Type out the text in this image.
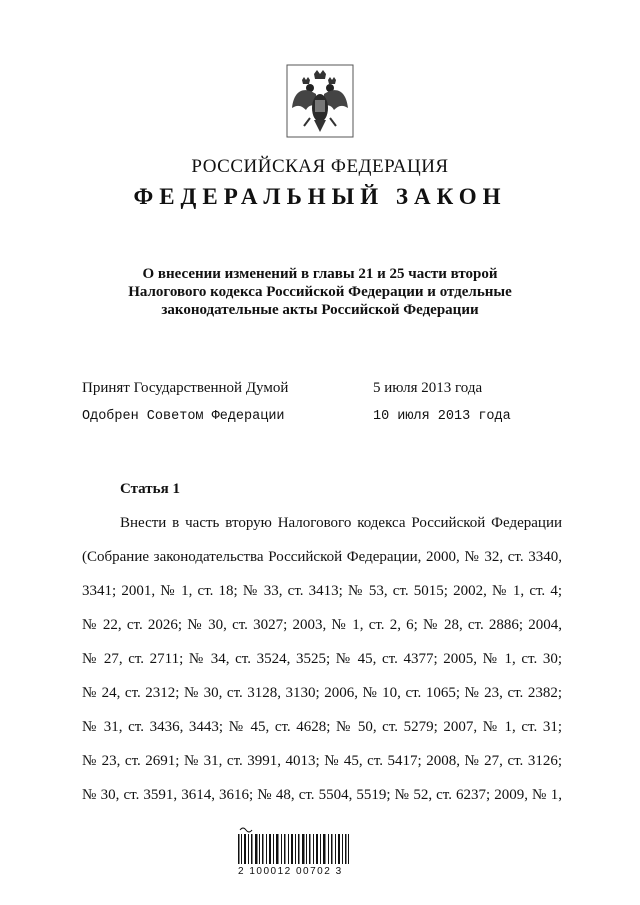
РОССИЙСКАЯ ФЕДЕРАЦИЯ
ФЕДЕРАЛЬНЫЙ ЗАКОН
О внесении изменений в главы 21 и 25 части второй
Налогового кодекса Российской Федерации и отдельные
законодательные акты Российской Федерации
Принят Государственной Думой	5 июля 2013 года
Одобрен Советом Федерации	10 июля 2013 года
Статья 1
Внести в часть вторую Налогового кодекса Российской Федерации
(Собрание законодательства Российской Федерации, 2000, № 32, ст. 3340,
3341; 2001, № 1, ст. 18; № 33, ст. 3413; № 53, ст. 5015; 2002, № 1, ст. 4;
№ 22, ст. 2026; № 30, ст. 3027; 2003, № 1, ст. 2, 6; № 28, ст. 2886; 2004,
№ 27, ст. 2711; № 34, ст. 3524, 3525; № 45, ст. 4377; 2005, № 1, ст. 30;
№ 24, ст. 2312; № 30, ст. 3128, 3130; 2006, № 10, ст. 1065; № 23, ст. 2382;
№ 31, ст. 3436, 3443; № 45, ст. 4628; № 50, ст. 5279; 2007, № 1, ст. 31;
№ 23, ст. 2691; № 31, ст. 3991, 4013; № 45, ст. 5417; 2008, № 27, ст. 3126;
№ 30, ст. 3591, 3614, 3616; № 48, ст. 5504, 5519; № 52, ст. 6237; 2009, № 1,
2 100012 00702 3
